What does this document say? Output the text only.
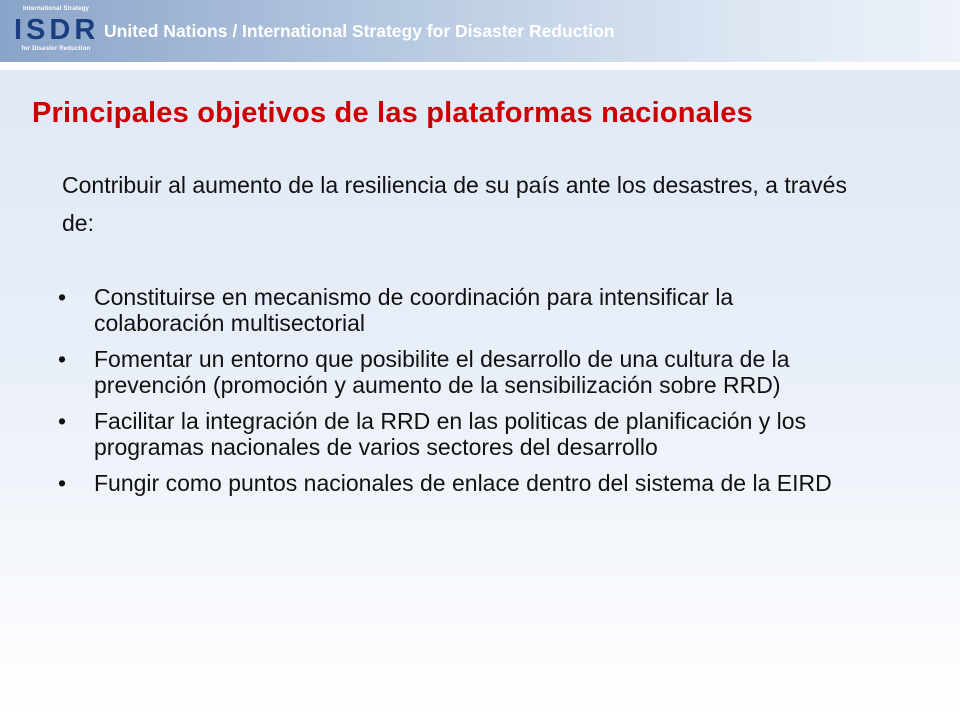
International Strategy
ISDR
for Disaster Reduction
United Nations / International Strategy for Disaster Reduction
Principales objetivos de las plataformas nacionales
Contribuir al aumento de la resiliencia de su país ante los desastres, a través de:
• Constituirse en mecanismo de coordinación para intensificar la colaboración multisectorial
• Fomentar un entorno que posibilite el desarrollo de una cultura de la prevención (promoción y aumento de la sensibilización sobre RRD)
• Facilitar la integración de la RRD en las politicas de planificación y los programas nacionales de varios sectores del desarrollo
• Fungir como puntos nacionales de enlace dentro del sistema de la EIRD
